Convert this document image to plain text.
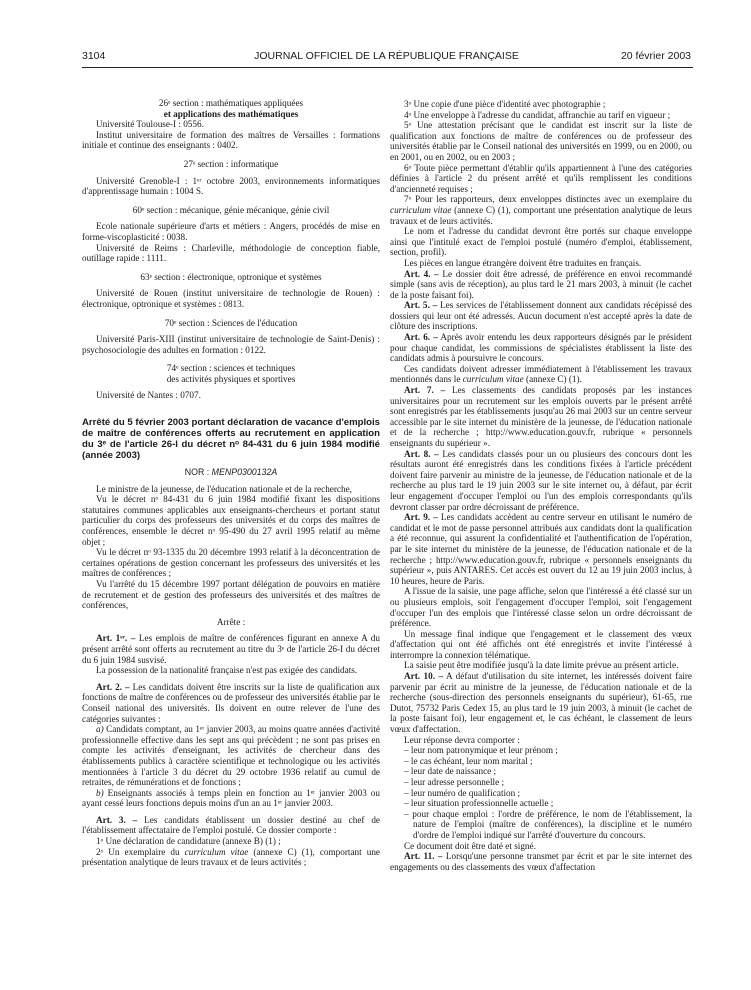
3104	JOURNAL OFFICIEL DE LA RÉPUBLIQUE FRANÇAISE	20 février 2003

26ᵉ section : mathématiques appliquées
et applications des mathématiques

Université Toulouse-I : 0556.

Institut universitaire de formation des maîtres de Versailles : formations initiale et continue des enseignants : 0402.

27ᵉ section : informatique

Université Grenoble-I : 1ᵉʳ octobre 2003, environnements informatiques d'apprentissage humain : 1004 S.

60ᵉ section : mécanique, génie mécanique, génie civil

Ecole nationale supérieure d'arts et métiers : Angers, procédés de mise en forme-viscoplasticité : 0038.

Université de Reims : Charleville, méthodologie de conception fiable, outillage rapide : 1111.

63ᵉ section : électronique, optronique et systèmes

Université de Rouen (institut universitaire de technologie de Rouen) : électronique, optronique et systèmes : 0813.

70ᵉ section : Sciences de l'éducation

Université Paris-XIII (institut universitaire de technologie de Saint-Denis) : psychosociologie des adultes en formation : 0122.

74ᵉ section : sciences et techniques
des activités physiques et sportives

Université de Nantes : 0707.

Arrêté du 5 février 2003 portant déclaration de vacance d'emplois de maître de conférences offerts au recrutement en application du 3ᵉ de l'article 26-I du décret nᵒ 84-431 du 6 juin 1984 modifié (année 2003)

NOR : MENP0300132A

Le ministre de la jeunesse, de l'éducation nationale et de la recherche,

Vu le décret nᵒ 84-431 du 6 juin 1984 modifié fixant les dispositions statutaires communes applicables aux enseignants-chercheurs et portant statut particulier du corps des professeurs des universités et du corps des maîtres de conférences, ensemble le décret nᵒ 95-490 du 27 avril 1995 relatif au même objet ;

Vu le décret nᵒ 93-1335 du 20 décembre 1993 relatif à la déconcentration de certaines opérations de gestion concernant les professeurs des universités et les maîtres de conférences ;

Vu l'arrêté du 15 décembre 1997 portant délégation de pouvoirs en matière de recrutement et de gestion des professeurs des universités et des maîtres de conférences,

Arrête :

Art. 1ᵉʳ. – Les emplois de maître de conférences figurant en annexe A du présent arrêté sont offerts au recrutement au titre du 3ᵉ de l'article 26-I du décret du 6 juin 1984 susvisé.

La possession de la nationalité française n'est pas exigée des candidats.

Art. 2. – Les candidats doivent être inscrits sur la liste de qualification aux fonctions de maître de conférences ou de professeur des universités établie par le Conseil national des universités. Ils doivent en outre relever de l'une des catégories suivantes :

a) Candidats comptant, au 1ᵉʳ janvier 2003, au moins quatre années d'activité professionnelle effective dans les sept ans qui précèdent ; ne sont pas prises en compte les activités d'enseignant, les activités de chercheur dans des établissements publics à caractère scientifique et technologique ou les activités mentionnées à l'article 3 du décret du 29 octobre 1936 relatif au cumul de retraites, de rémunérations et de fonctions ;

b) Enseignants associés à temps plein en fonction au 1ᵉʳ janvier 2003 ou ayant cessé leurs fonctions depuis moins d'un an au 1ᵉʳ janvier 2003.

Art. 3. – Les candidats établissent un dossier destiné au chef de l'établissement affectataire de l'emploi postulé. Ce dossier comporte :

1ᵒ Une déclaration de candidature (annexe B) (1) ;

2ᵒ Un exemplaire du curriculum vitae (annexe C) (1), comportant une présentation analytique de leurs travaux et de leurs activités ;

3ᵒ Une copie d'une pièce d'identité avec photographie ;

4ᵒ Une enveloppe à l'adresse du candidat, affranchie au tarif en vigueur ;

5ᵒ Une attestation précisant que le candidat est inscrit sur la liste de qualification aux fonctions de maître de conférences ou de professeur des universités établie par le Conseil national des universités en 1999, ou en 2000, ou en 2001, ou en 2002, ou en 2003 ;

6ᵒ Toute pièce permettant d'établir qu'ils appartiennent à l'une des catégories définies à l'article 2 du présent arrêté et qu'ils remplissent les conditions d'ancienneté requises ;

7ᵒ Pour les rapporteurs, deux enveloppes distinctes avec un exemplaire du curriculum vitae (annexe C) (1), comportant une présentation analytique de leurs travaux et de leurs activités.

Le nom et l'adresse du candidat devront être portés sur chaque enveloppe ainsi que l'intitulé exact de l'emploi postulé (numéro d'emploi, établissement, section, profil).

Les pièces en langue étrangère doivent être traduites en français.

Art. 4. – Le dossier doit être adressé, de préférence en envoi recommandé simple (sans avis de réception), au plus tard le 21 mars 2003, à minuit (le cachet de la poste faisant foi).

Art. 5. – Les services de l'établissement donnent aux candidats récépissé des dossiers qui leur ont été adressés. Aucun document n'est accepté après la date de clôture des inscriptions.

Art. 6. – Après avoir entendu les deux rapporteurs désignés par le président pour chaque candidat, les commissions de spécialistes établissent la liste des candidats admis à poursuivre le concours.

Ces candidats doivent adresser immédiatement à l'établissement les travaux mentionnés dans le curriculum vitae (annexe C) (1).

Art. 7. – Les classements des candidats proposés par les instances universitaires pour un recrutement sur les emplois ouverts par le présent arrêté sont enregistrés par les établissements jusqu'au 26 mai 2003 sur un centre serveur accessible par le site internet du ministère de la jeunesse, de l'éducation nationale et de la recherche ; http://www.education.gouv.fr, rubrique « personnels enseignants du supérieur ».

Art. 8. – Les candidats classés pour un ou plusieurs des concours dont les résultats auront été enregistrés dans les conditions fixées à l'article précédent doivent faire parvenir au ministre de la jeunesse, de l'éducation nationale et de la recherche au plus tard le 19 juin 2003 sur le site internet ou, à défaut, par écrit leur engagement d'occuper l'emploi ou l'un des emplois correspondants qu'ils devront classer par ordre décroissant de préférence.

Art. 9. – Les candidats accèdent au centre serveur en utilisant le numéro de candidat et le mot de passe personnel attribués aux candidats dont la qualification a été reconnue, qui assurent la confidentialité et l'authentification de l'opération, par le site internet du ministère de la jeunesse, de l'éducation nationale et de la recherche ; http://www.education.gouv.fr, rubrique « personnels enseignants du supérieur », puis ANTARES. Cet accès est ouvert du 12 au 19 juin 2003 inclus, à 10 heures, heure de Paris.

A l'issue de la saisie, une page affiche, selon que l'intéressé a été classé sur un ou plusieurs emplois, soit l'engagement d'occuper l'emploi, soit l'engagement d'occuper l'un des emplois que l'intéressé classe selon un ordre décroissant de préférence.

Un message final indique que l'engagement et le classement des vœux d'affectation qui ont été affichés ont été enregistrés et invite l'intéressé à interrompre la connexion télématique.

La saisie peut être modifiée jusqu'à la date limite prévue au présent article.

Art. 10. – A défaut d'utilisation du site internet, les intéressés doivent faire parvenir par écrit au ministre de la jeunesse, de l'éducation nationale et de la recherche (sous-direction des personnels enseignants du supérieur), 61-65, rue Dutot, 75732 Paris Cedex 15, au plus tard le 19 juin 2003, à minuit (le cachet de la poste faisant foi), leur engagement et, le cas échéant, le classement de leurs vœux d'affectation.

Leur réponse devra comporter :

– leur nom patronymique et leur prénom ;
– le cas échéant, leur nom marital ;
– leur date de naissance ;
– leur adresse personnelle ;
– leur numéro de qualification ;
– leur situation professionnelle actuelle ;
– pour chaque emploi : l'ordre de préférence, le nom de l'établissement, la nature de l'emploi (maître de conférences), la discipline et le numéro d'ordre de l'emploi indiqué sur l'arrêté d'ouverture du concours.

Ce document doit être daté et signé.

Art. 11. – Lorsqu'une personne transmet par écrit et par le site internet des engagements ou des classements des vœux d'affectation
